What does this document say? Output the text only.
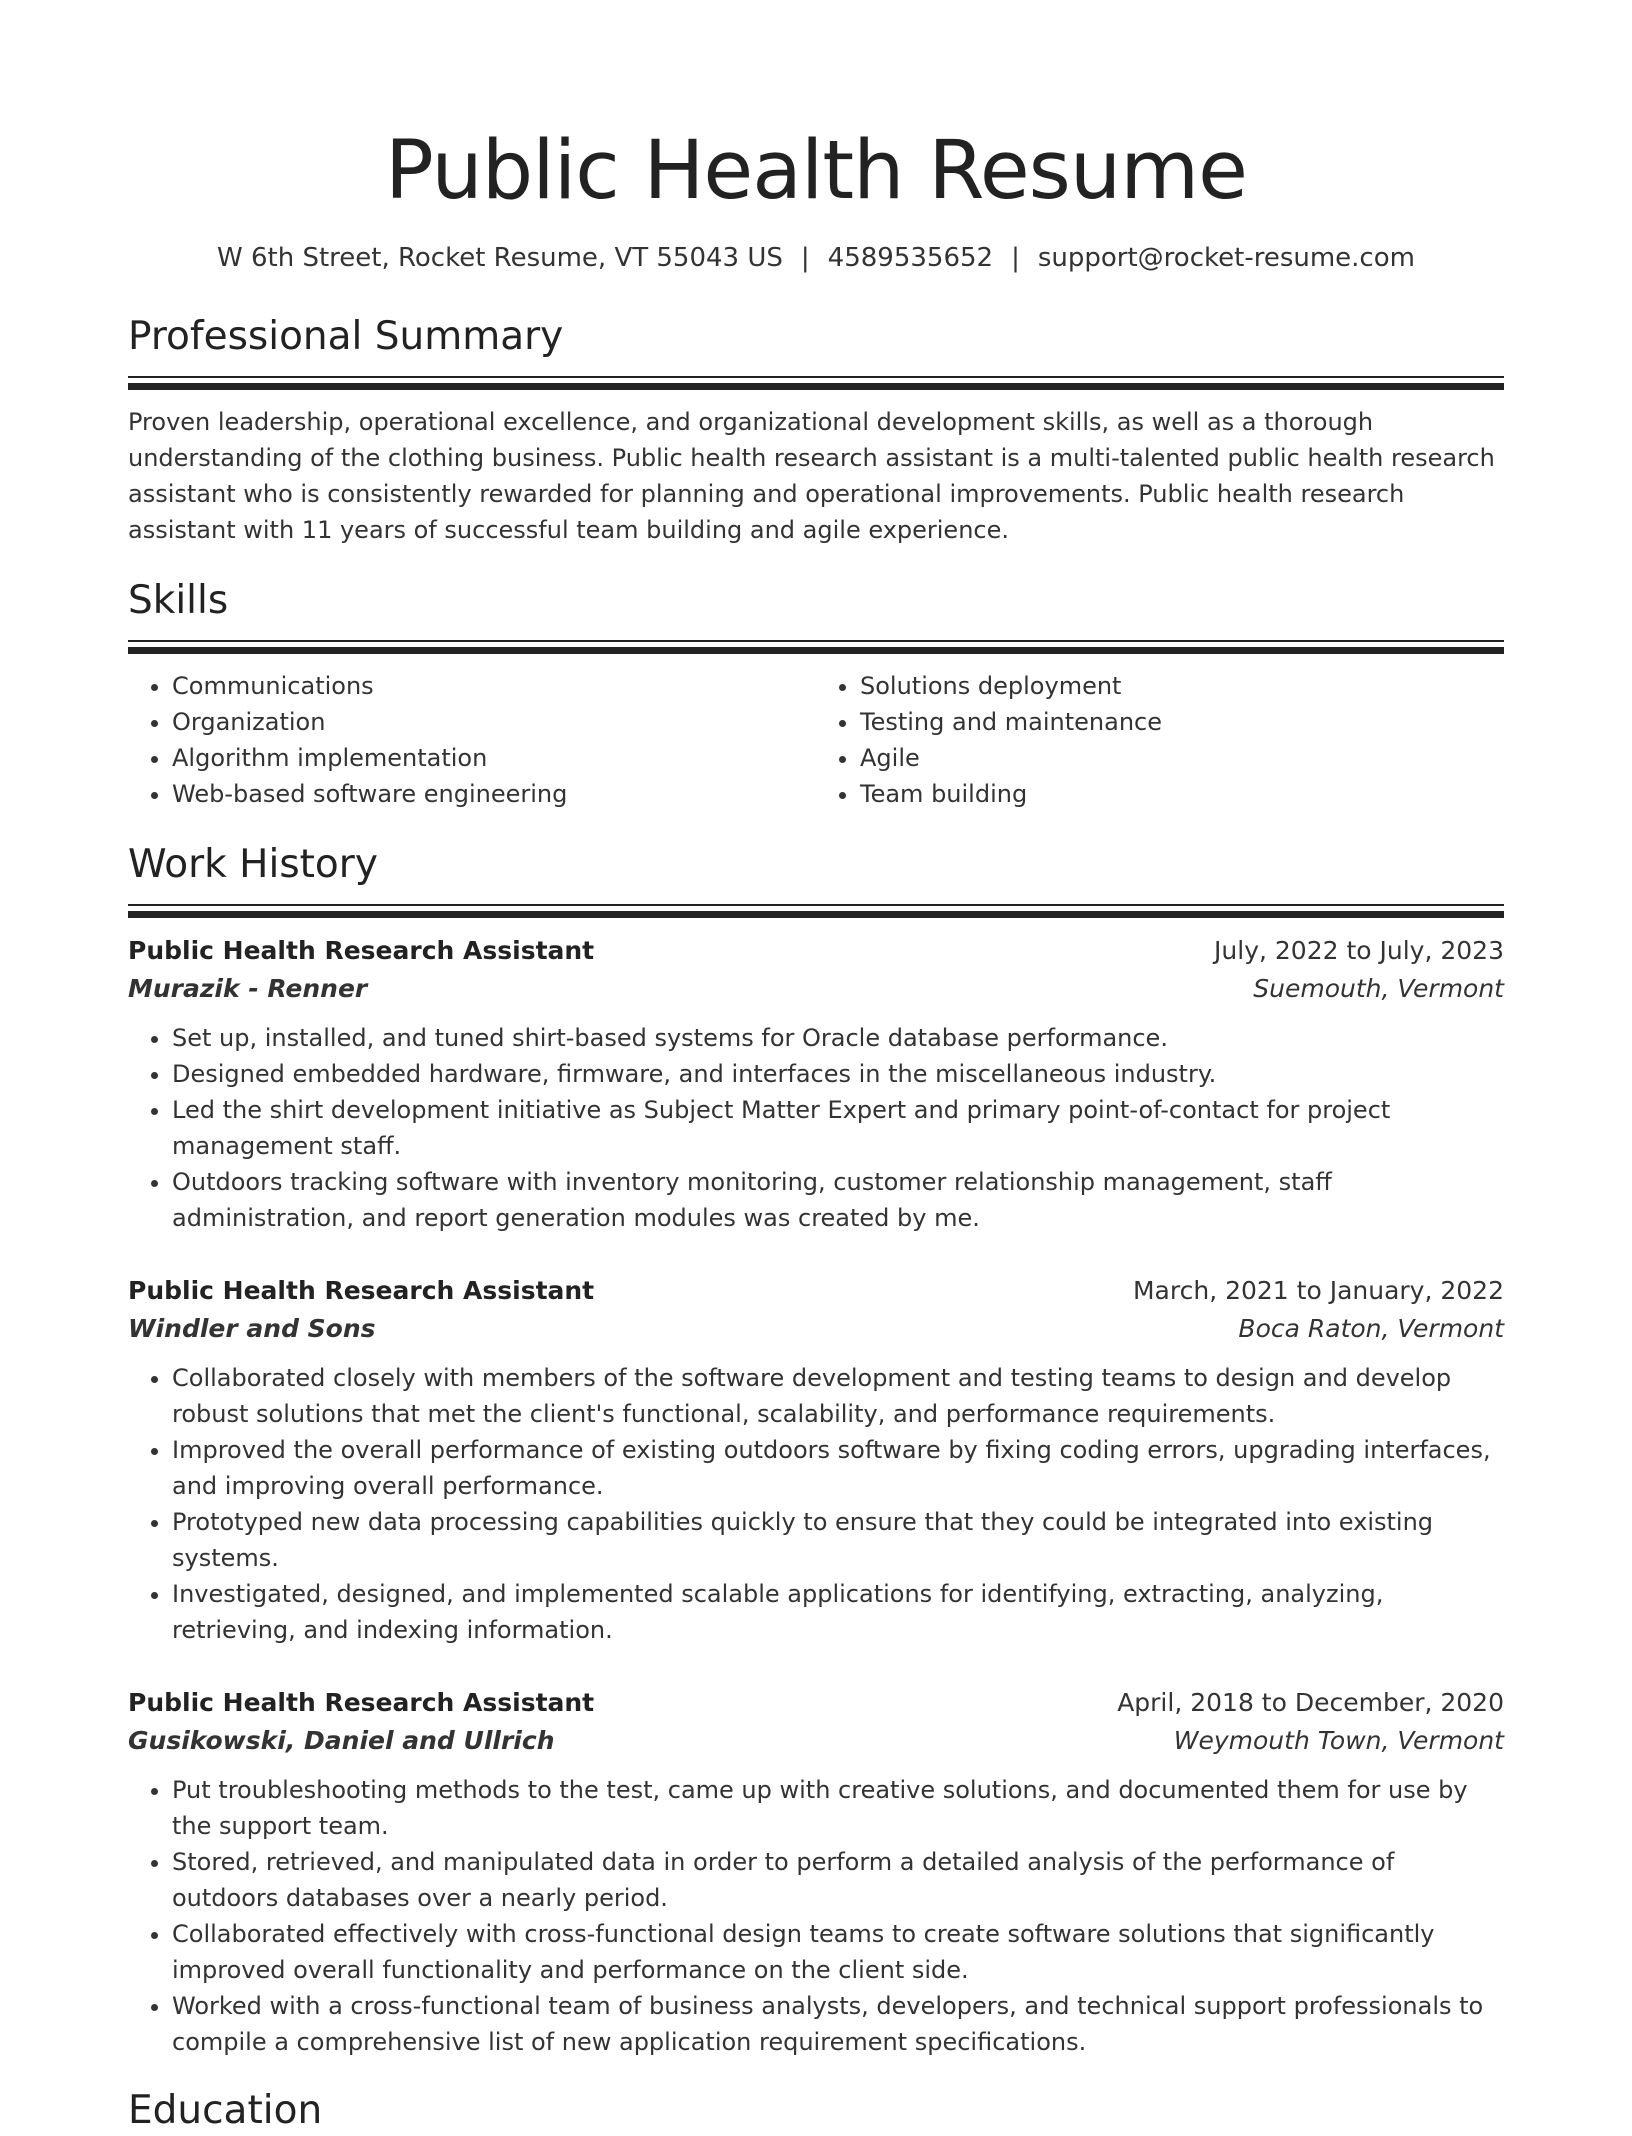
Public Health Resume
W 6th Street, Rocket Resume, VT 55043 US | 4589535652 | support@rocket-resume.com
Professional Summary

Proven leadership, operational excellence, and organizational development skills, as well as a thorough understanding of the clothing business. Public health research assistant is a multi-talented public health research assistant who is consistently rewarded for planning and operational improvements. Public health research assistant with 11 years of successful team building and agile experience.

Skills
• Communications
• Organization
• Algorithm implementation
• Web-based software engineering
• Solutions deployment
• Testing and maintenance
• Agile
• Team building
Work History
Public Health Research Assistant	July, 2022 to July, 2023
Murazik - Renner	Suemouth, Vermont
• Set up, installed, and tuned shirt-based systems for Oracle database performance.
• Designed embedded hardware, firmware, and interfaces in the miscellaneous industry.
• Led the shirt development initiative as Subject Matter Expert and primary point-of-contact for project management staff.
• Outdoors tracking software with inventory monitoring, customer relationship management, staff administration, and report generation modules was created by me.
Public Health Research Assistant	March, 2021 to January, 2022
Windler and Sons	Boca Raton, Vermont
• Collaborated closely with members of the software development and testing teams to design and develop robust solutions that met the client's functional, scalability, and performance requirements.
• Improved the overall performance of existing outdoors software by fixing coding errors, upgrading interfaces, and improving overall performance.
• Prototyped new data processing capabilities quickly to ensure that they could be integrated into existing systems.
• Investigated, designed, and implemented scalable applications for identifying, extracting, analyzing, retrieving, and indexing information.
Public Health Research Assistant	April, 2018 to December, 2020
Gusikowski, Daniel and Ullrich	Weymouth Town, Vermont
• Put troubleshooting methods to the test, came up with creative solutions, and documented them for use by the support team.
• Stored, retrieved, and manipulated data in order to perform a detailed analysis of the performance of outdoors databases over a nearly period.
• Collaborated effectively with cross-functional design teams to create software solutions that significantly improved overall functionality and performance on the client side.
• Worked with a cross-functional team of business analysts, developers, and technical support professionals to compile a comprehensive list of new application requirement specifications.
Education
